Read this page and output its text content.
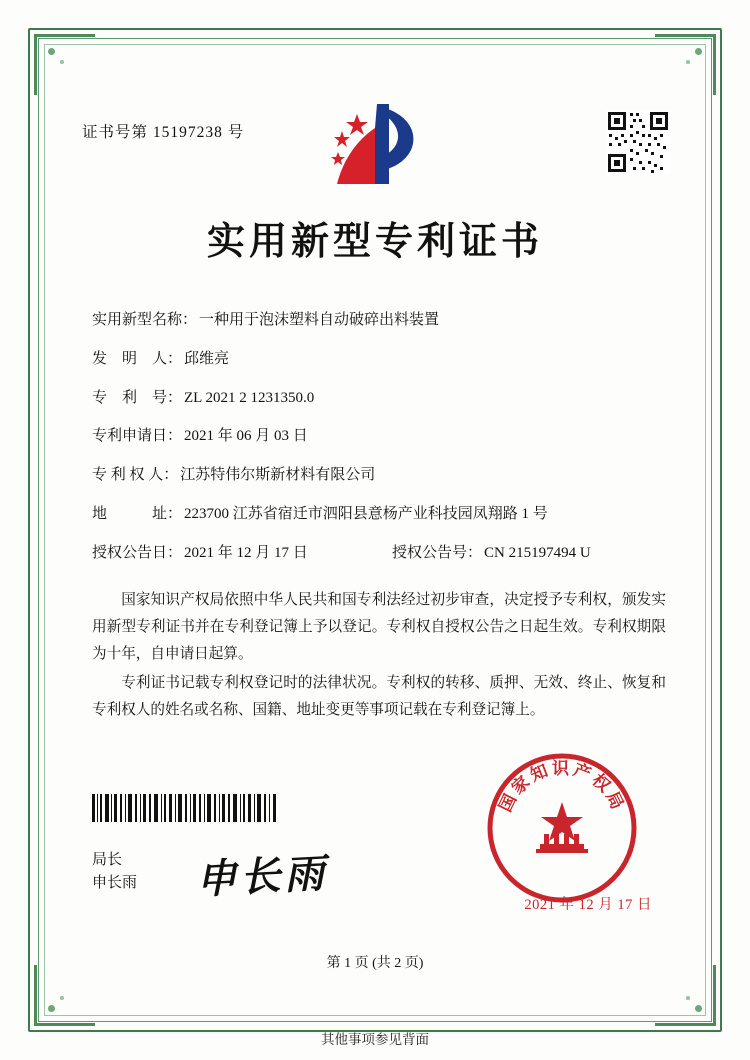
证书号第 15197238 号
实用新型专利证书
实用新型名称： 一种用于泡沫塑料自动破碎出料装置
发　明　人： 邱维亮
专　利　号： ZL 2021 2 1231350.0
专利申请日： 2021 年 06 月 03 日
专 利 权 人： 江苏特伟尔斯新材料有限公司
地　　　址： 223700 江苏省宿迁市泗阳县意杨产业科技园凤翔路 1 号
授权公告日： 2021 年 12 月 17 日	授权公告号： CN 215197494 U

国家知识产权局依照中华人民共和国专利法经过初步审查，决定授予专利权，颁发实用新型专利证书并在专利登记簿上予以登记。专利权自授权公告之日起生效。专利权期限为十年，自申请日起算。

专利证书记载专利权登记时的法律状况。专利权的转移、质押、无效、终止、恢复和专利权人的姓名或名称、国籍、地址变更等事项记载在专利登记簿上。

局长
申长雨 申长雨
国家知识产权局
2021 年 12 月 17 日
第 1 页 (共 2 页)
其他事项参见背面
